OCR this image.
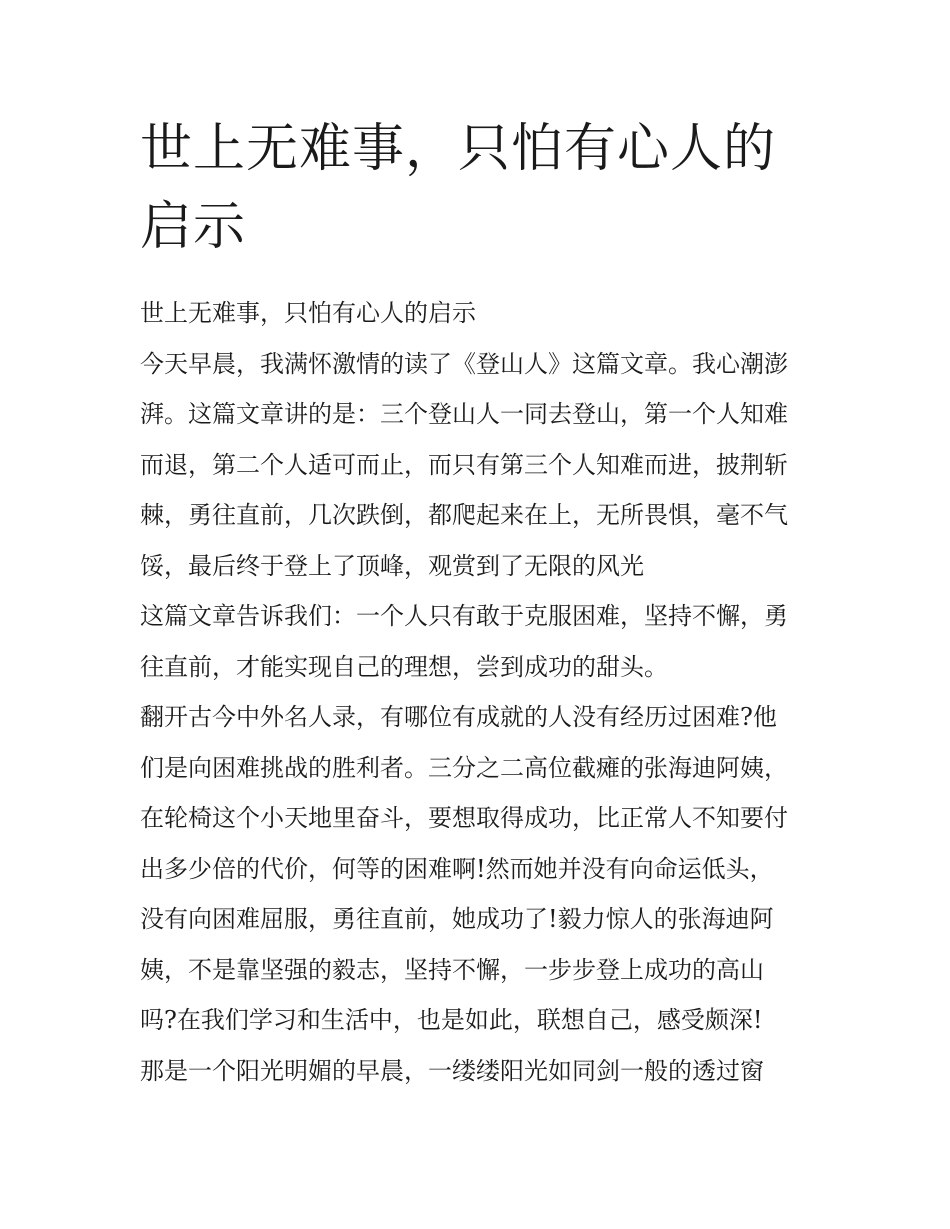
世上无难事，只怕有心人的启示

世上无难事，只怕有心人的启示

今天早晨，我满怀激情的读了《登山人》这篇文章。我心潮澎

湃。这篇文章讲的是：三个登山人一同去登山，第一个人知难

而退，第二个人适可而止，而只有第三个人知难而进，披荆斩

棘，勇往直前，几次跌倒，都爬起来在上，无所畏惧，毫不气

馁，最后终于登上了顶峰，观赏到了无限的风光

这篇文章告诉我们：一个人只有敢于克服困难，坚持不懈，勇

往直前，才能实现自己的理想，尝到成功的甜头。

翻开古今中外名人录，有哪位有成就的人没有经历过困难?他

们是向困难挑战的胜利者。三分之二高位截瘫的张海迪阿姨，

在轮椅这个小天地里奋斗，要想取得成功，比正常人不知要付

出多少倍的代价，何等的困难啊!然而她并没有向命运低头，

没有向困难屈服，勇往直前，她成功了!毅力惊人的张海迪阿

姨，不是靠坚强的毅志，坚持不懈，一步步登上成功的高山

吗?在我们学习和生活中，也是如此，联想自己，感受颇深!

那是一个阳光明媚的早晨，一缕缕阳光如同剑一般的透过窗
